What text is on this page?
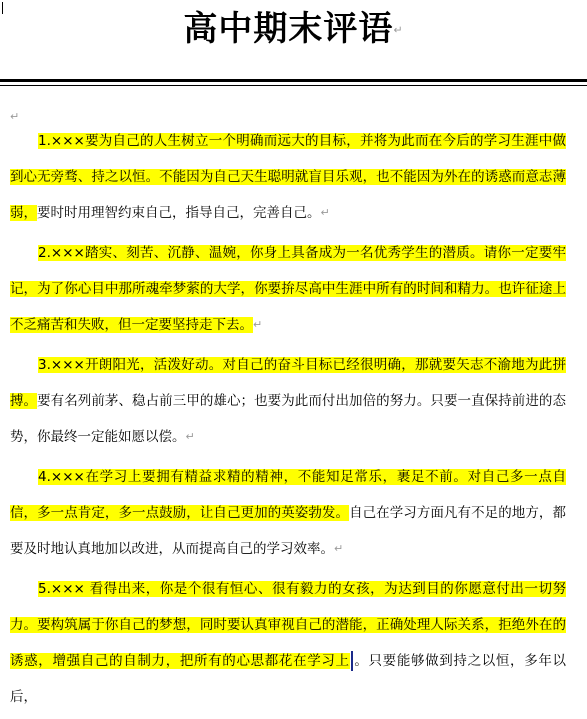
高中期末评语↵
↵

1.×××要为自己的人生树立一个明确而远大的目标，并将为此而在今后的学习生涯中做到心无旁骛、持之以恒。不能因为自己天生聪明就盲目乐观，也不能因为外在的诱惑而意志薄弱，要时时用理智约束自己，指导自己，完善自己。↵

2.×××踏实、刻苦、沉静、温婉，你身上具备成为一名优秀学生的潜质。请你一定要牢记，为了你心目中那所魂牵梦萦的大学，你要拚尽高中生涯中所有的时间和精力。也许征途上不乏痛苦和失败，但一定要坚持走下去。↵

3.×××开朗阳光，活泼好动。对自己的奋斗目标已经很明确，那就要矢志不渝地为此拼搏。要有名列前茅、稳占前三甲的雄心；也要为此而付出加倍的努力。只要一直保持前进的态势，你最终一定能如愿以偿。↵

4.×××在学习上要拥有精益求精的精神，不能知足常乐，裹足不前。对自己多一点自信，多一点肯定，多一点鼓励，让自己更加的英姿勃发。自己在学习方面凡有不足的地方，都要及时地认真地加以改进，从而提高自己的学习效率。↵

5.××× 看得出来，你是个很有恒心、很有毅力的女孩，为达到目的你愿意付出一切努力。要构筑属于你自己的梦想，同时要认真审视自己的潜能，正确处理人际关系，拒绝外在的诱惑，增强自己的自制力，把所有的心思都花在学习上 。只要能够做到持之以恒，多年以后，
